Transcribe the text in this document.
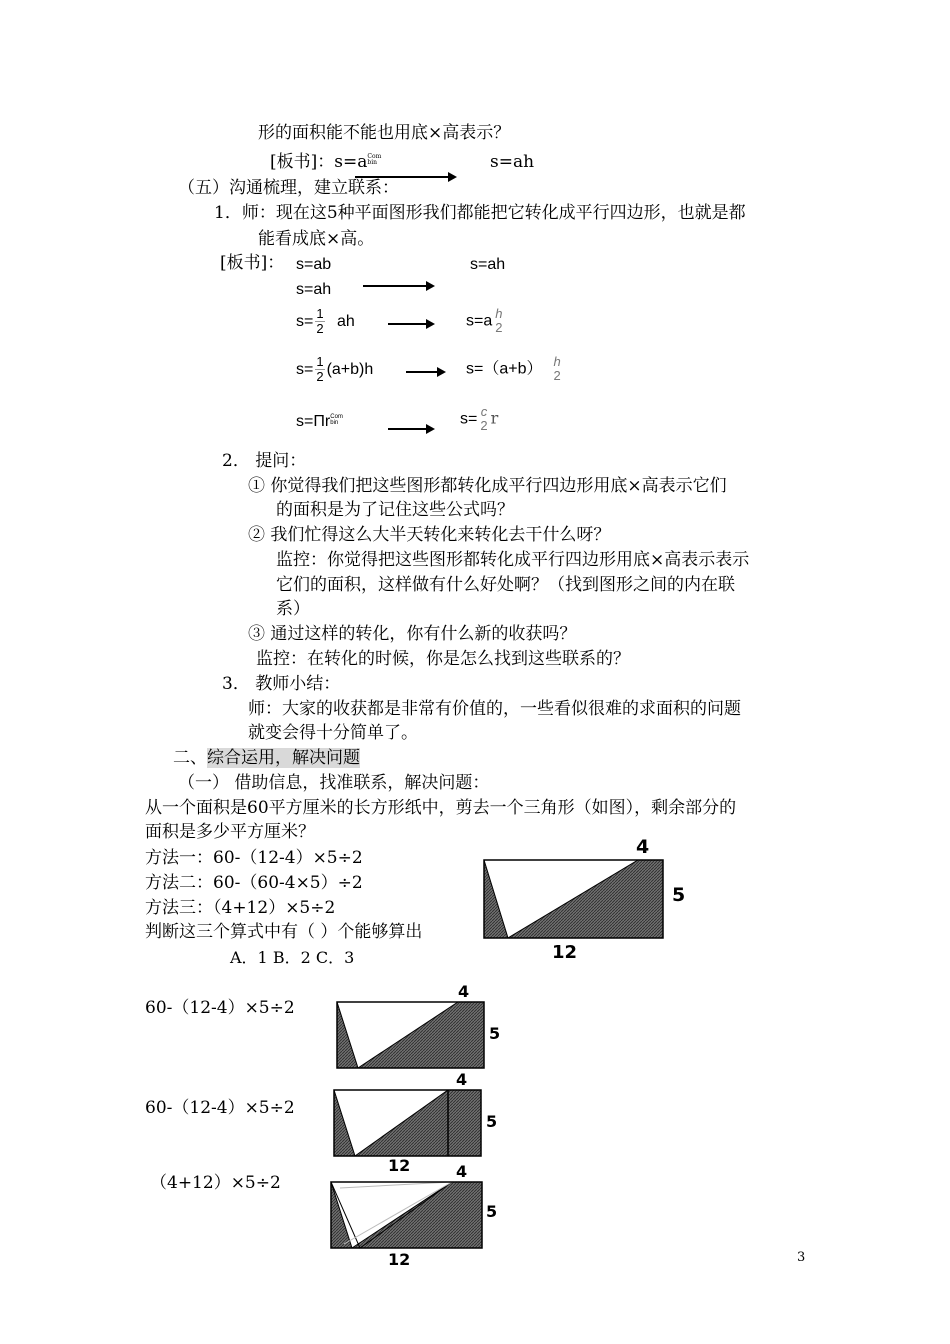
形的面积能不能也用底×高表示？
[板书]：s=aCom bin	s=ah
（五）沟通梳理，建立联系：
1．师：现在这5种平面图形我们都能把它转化成平行四边形，也就是都
能看成底×高。
[板书]： s=ab	s=ah
s=ah
$s= \frac{1}{2}$ ah	s=a h
2
$s= \frac{1}{2} (a+b)h$	s=（a+b） h
2
s=ΠrCom bin	s= c
2 r
2． 提问：
① 你觉得我们把这些图形都转化成平行四边形用底×高表示它们
的面积是为了记住这些公式吗？
② 我们忙得这么大半天转化来转化去干什么呀？
监控：你觉得把这些图形都转化成平行四边形用底×高表示表示
它们的面积，这样做有什么好处啊？（找到图形之间的内在联
系）
③ 通过这样的转化，你有什么新的收获吗？
监控：在转化的时候，你是怎么找到这些联系的？
3． 教师小结：
师：大家的收获都是非常有价值的，一些看似很难的求面积的问题
就变会得十分简单了。
二、综合运用，解决问题
（一） 借助信息，找准联系，解决问题：
从一个面积是60平方厘米的长方形纸中，剪去一个三角形（如图），剩余部分的
面积是多少平方厘米？
方法一：60-（12-4）×5÷2
方法二：60-（60-4×5）÷2
方法三：（4+12）×5÷2
判断这三个算式中有（ ）个能够算出
A．1 B．2 C．3
4
5
12
60-（12-4）×5÷2
4
5
60-（12-4）×5÷2
4
5
12
（4+12）×5÷2
4
5
12	3
